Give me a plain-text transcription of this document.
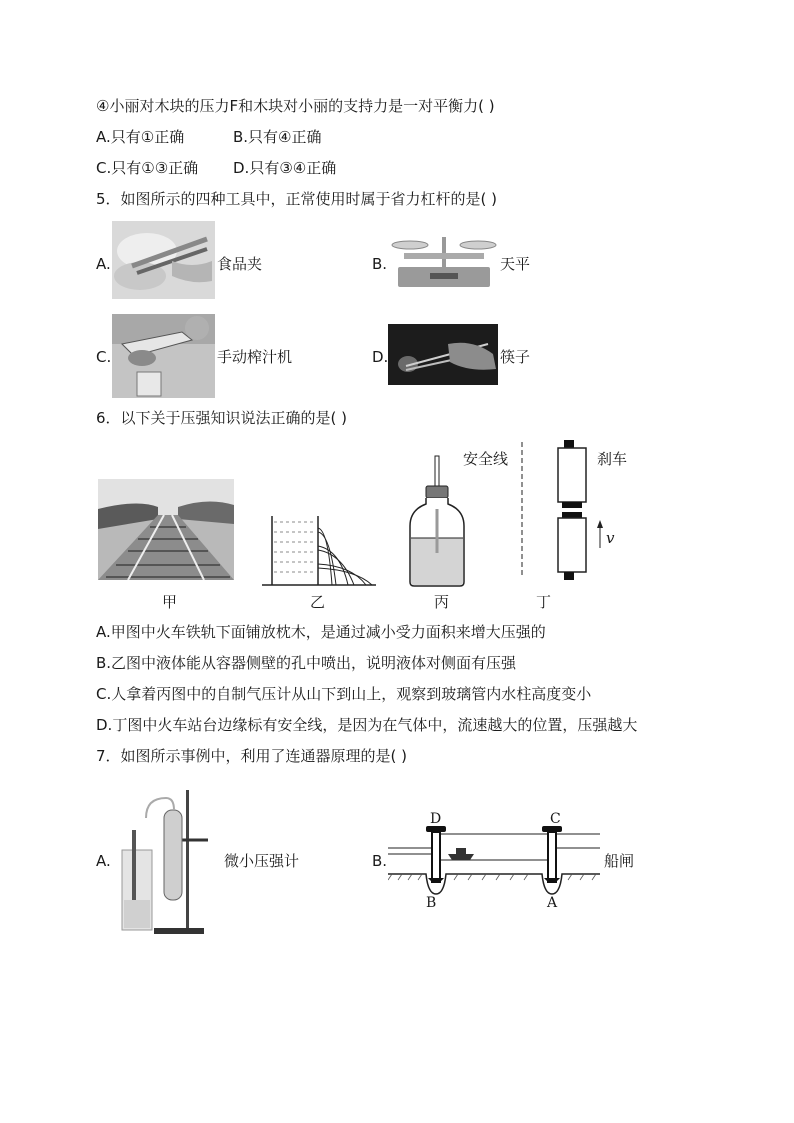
④小丽对木块的压力F和木块对小丽的支持力是一对平衡力( )
A.只有①正确	B.只有④正确
C.只有①③正确 D.只有③④正确
5．如图所示的四种工具中，正常使用时属于省力杠杆的是( )
A.	食品夹	B.	天平
C.	手动榨汁机	D.	筷子
6．以下关于压强知识说法正确的是( )
安全线	刹车
v
甲	乙	丙	丁
A.甲图中火车铁轨下面铺放枕木，是通过减小受力面积来增大压强的
B.乙图中液体能从容器侧壁的孔中喷出，说明液体对侧面有压强
C.人拿着丙图中的自制气压计从山下到山上，观察到玻璃管内水柱高度变小
D.丁图中火车站台边缘标有安全线，是因为在气体中，流速越大的位置，压强越大
7．如图所示事例中，利用了连通器原理的是( )
A.	微小压强计	B.
D	C
B	A
船闸
